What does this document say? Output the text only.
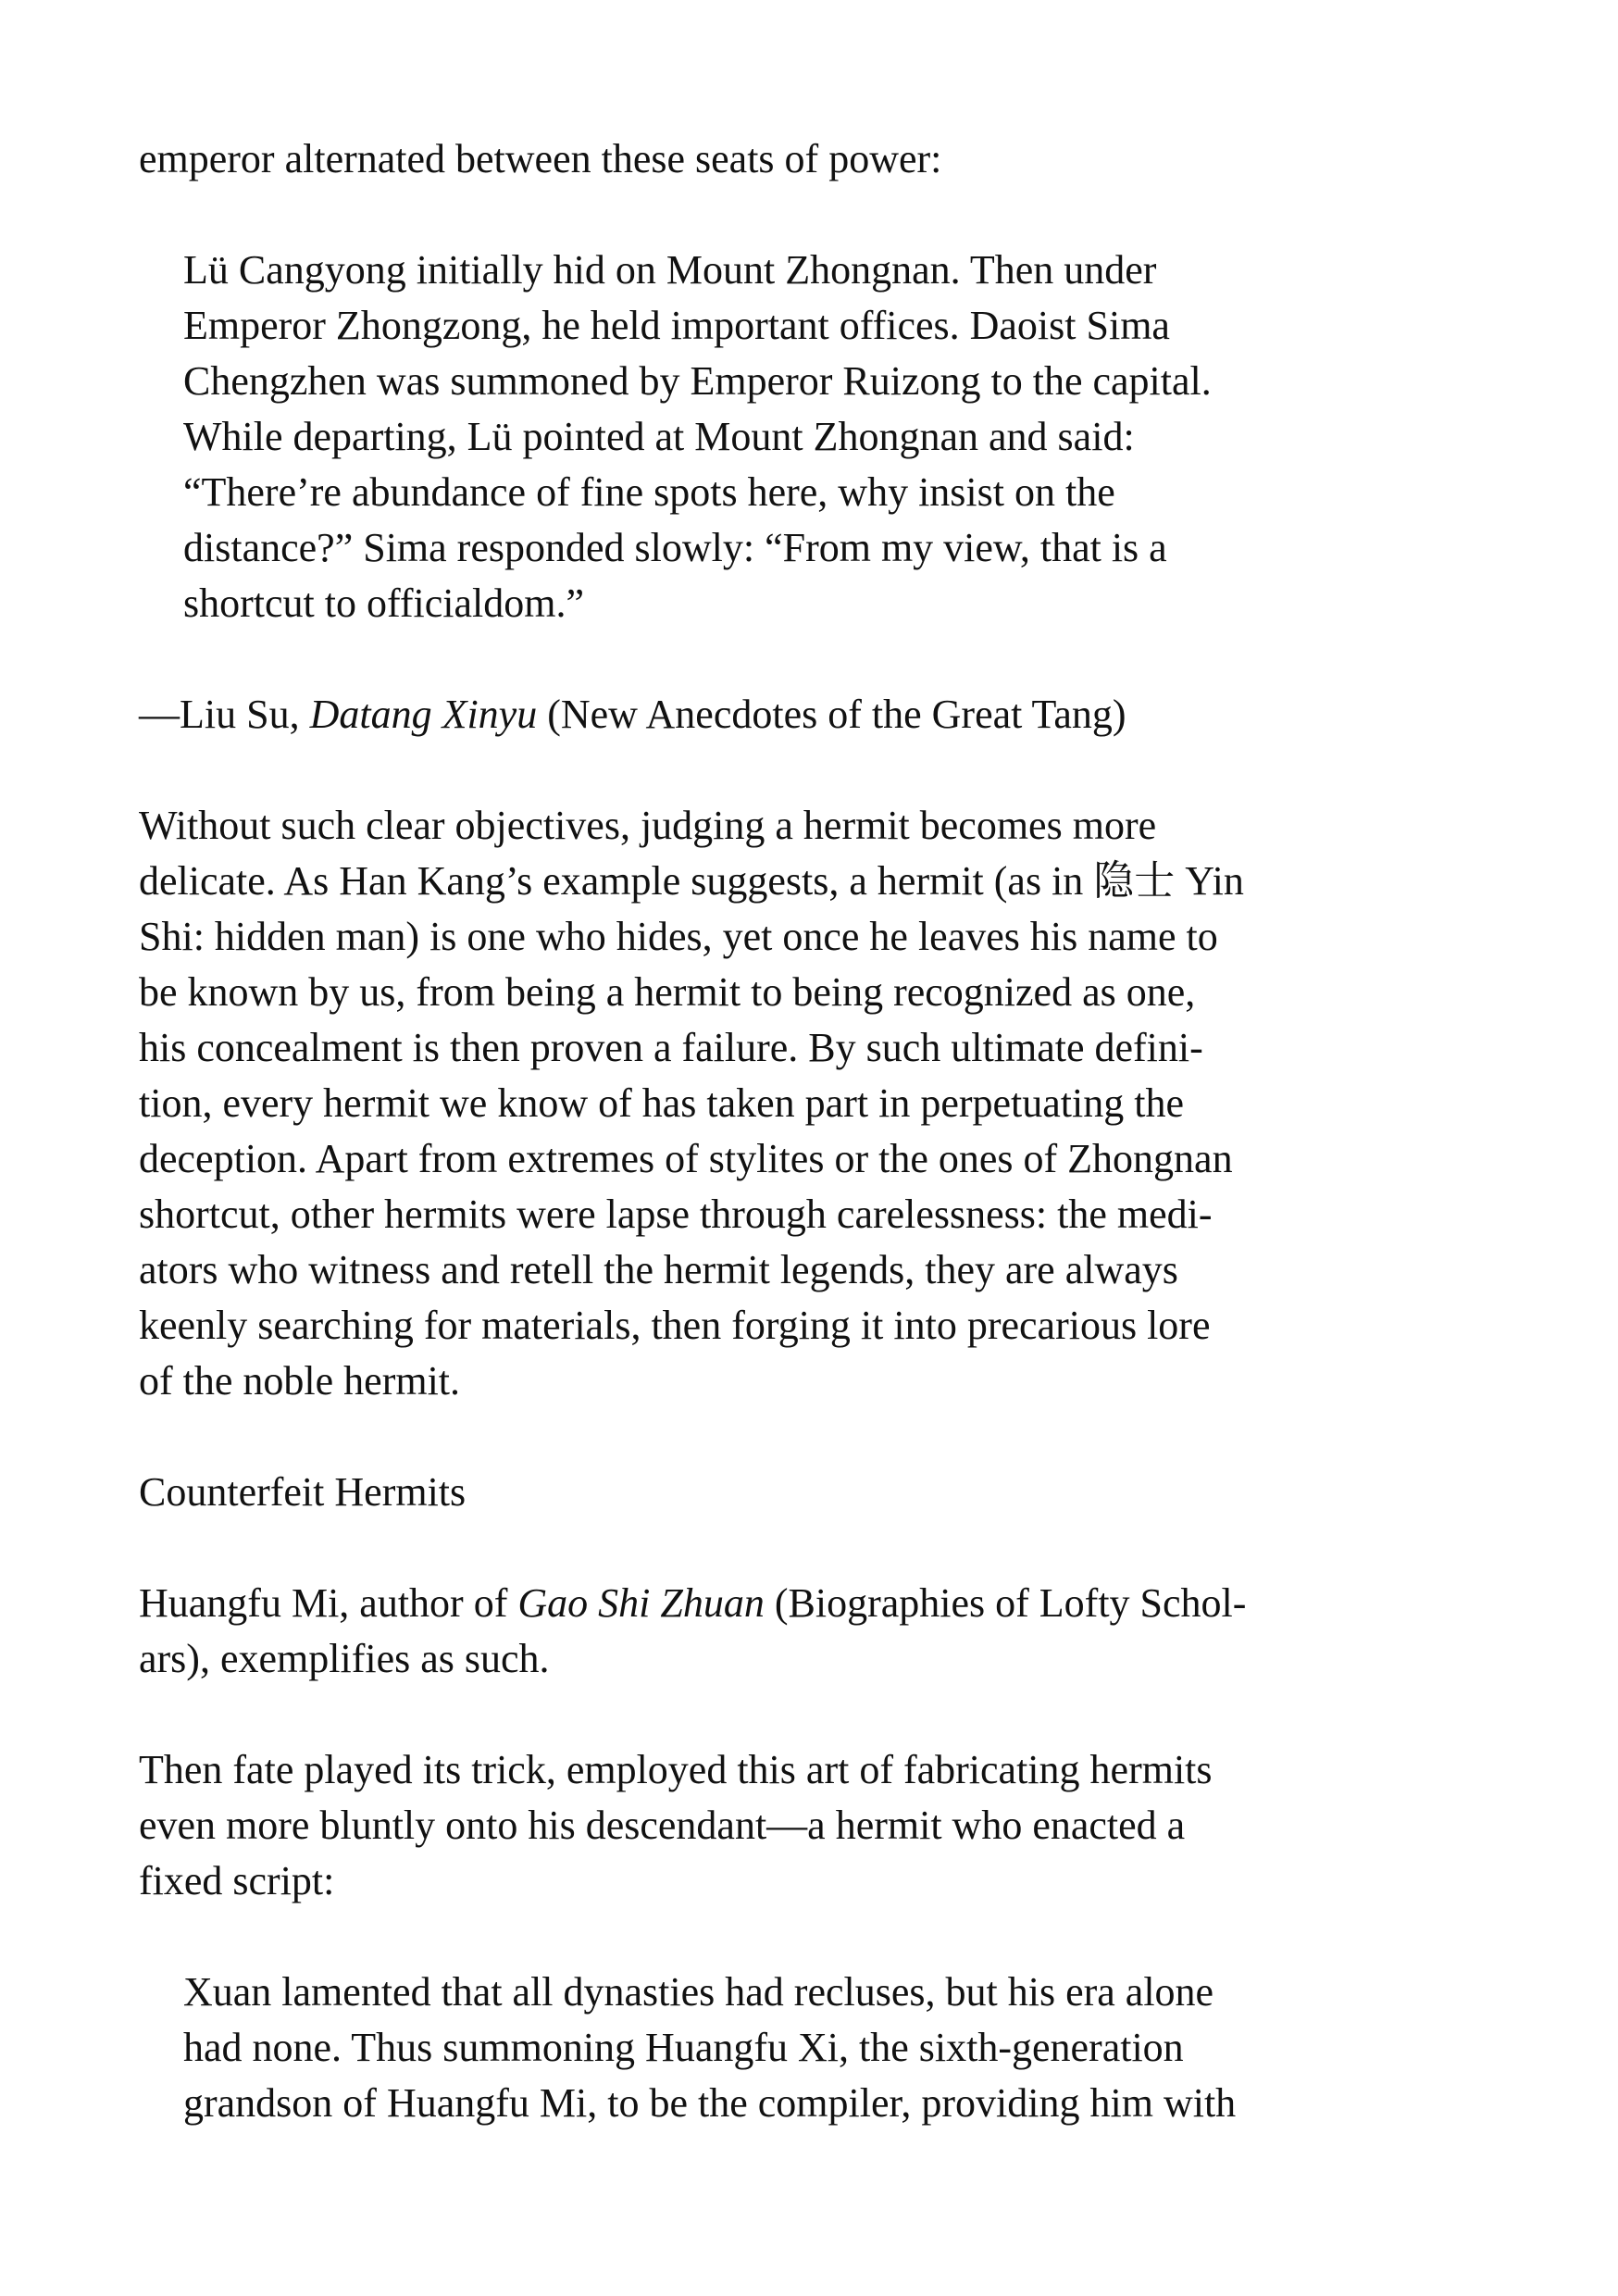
emperor alternated between these seats of power:
Lü Cangyong initially hid on Mount Zhongnan. Then under
Emperor Zhongzong, he held important offices. Daoist Sima
Chengzhen was summoned by Emperor Ruizong to the capital.
While departing, Lü pointed at Mount Zhongnan and said:
“There’re abundance of fine spots here, why insist on the
distance?” Sima responded slowly: “From my view, that is a
shortcut to officialdom.”
—Liu Su, Datang Xinyu (New Anecdotes of the Great Tang)
Without such clear objectives, judging a hermit becomes more
delicate. As Han Kang’s example suggests, a hermit (as in 隐士 Yin
Shi: hidden man) is one who hides, yet once he leaves his name to
be known by us, from being a hermit to being recognized as one,
his concealment is then proven a failure. By such ultimate defini-
tion, every hermit we know of has taken part in perpetuating the
deception. Apart from extremes of stylites or the ones of Zhongnan
shortcut, other hermits were lapse through carelessness: the medi-
ators who witness and retell the hermit legends, they are always
keenly searching for materials, then forging it into precarious lore
of the noble hermit.
Counterfeit Hermits
Huangfu Mi, author of Gao Shi Zhuan (Biographies of Lofty Schol-
ars), exemplifies as such.
Then fate played its trick, employed this art of fabricating hermits
even more bluntly onto his descendant—a hermit who enacted a
fixed script:
Xuan lamented that all dynasties had recluses, but his era alone
had none. Thus summoning Huangfu Xi, the sixth-generation
grandson of Huangfu Mi, to be the compiler, providing him with
